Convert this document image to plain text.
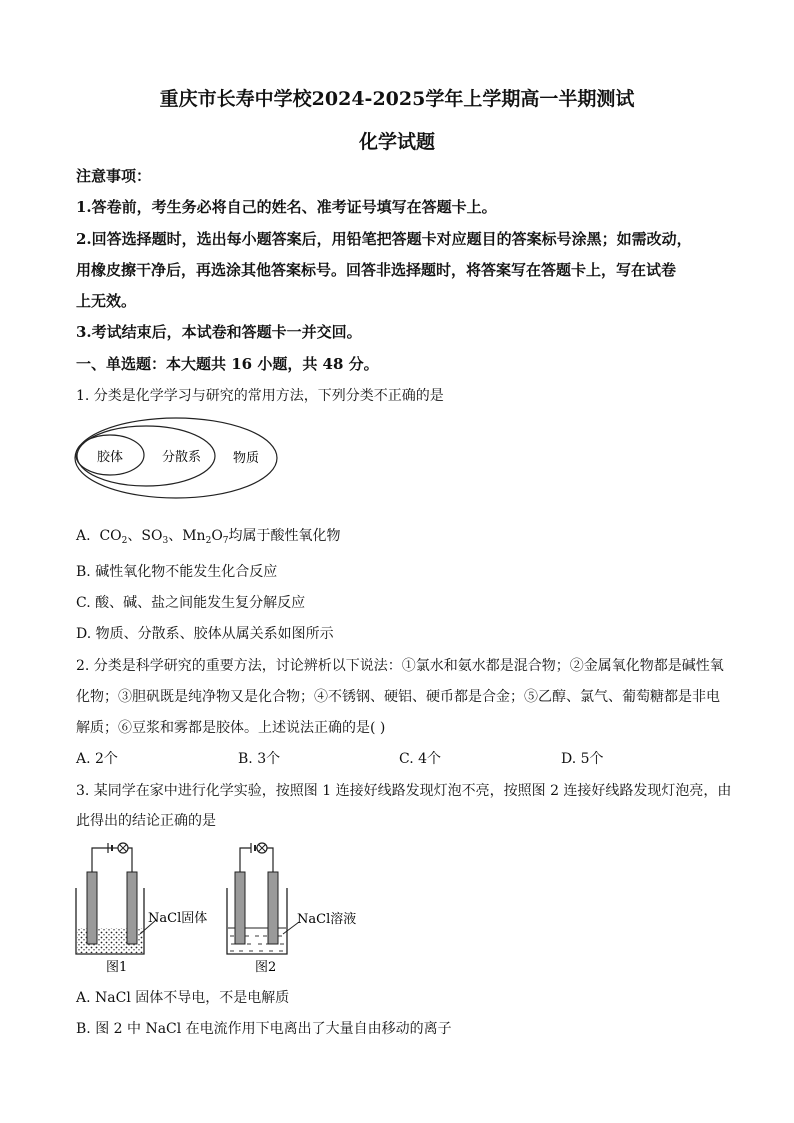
重庆市长寿中学校2024-2025学年上学期高一半期测试
化学试题
注意事项：
1.答卷前，考生务必将自己的姓名、准考证号填写在答题卡上。
2.回答选择题时，选出每小题答案后，用铅笔把答题卡对应题目的答案标号涂黑；如需改动，
用橡皮擦干净后，再选涂其他答案标号。回答非选择题时，将答案写在答题卡上，写在试卷
上无效。
3.考试结束后，本试卷和答题卡一并交回。
一、单选题：本大题共 16 小题，共 48 分。
1. 分类是化学学习与研究的常用方法，下列分类不正确的是
胶体	分散系 物质
A. $CO_2$、$SO_3$、$Mn_2O_7$均属于酸性氧化物
B. 碱性氧化物不能发生化合反应
C. 酸、碱、盐之间能发生复分解反应
D. 物质、分散系、胶体从属关系如图所示
2. 分类是科学研究的重要方法，讨论辨析以下说法：①氯水和氨水都是混合物；②金属氧化物都是碱性氧
化物；③胆矾既是纯净物又是化合物；④不锈钢、硬铝、硬币都是合金；⑤乙醇、氯气、葡萄糖都是非电
解质；⑥豆浆和雾都是胶体。上述说法正确的是( )
A. 2个	B. 3个	C. 4个	D. 5个
3. 某同学在家中进行化学实验，按照图 1 连接好线路发现灯泡不亮，按照图 2 连接好线路发现灯泡亮，由
此得出的结论正确的是
NaCl固体
图1
NaCl溶液
图2
A. NaCl 固体不导电，不是电解质
B. 图 2 中 NaCl 在电流作用下电离出了大量自由移动的离子
